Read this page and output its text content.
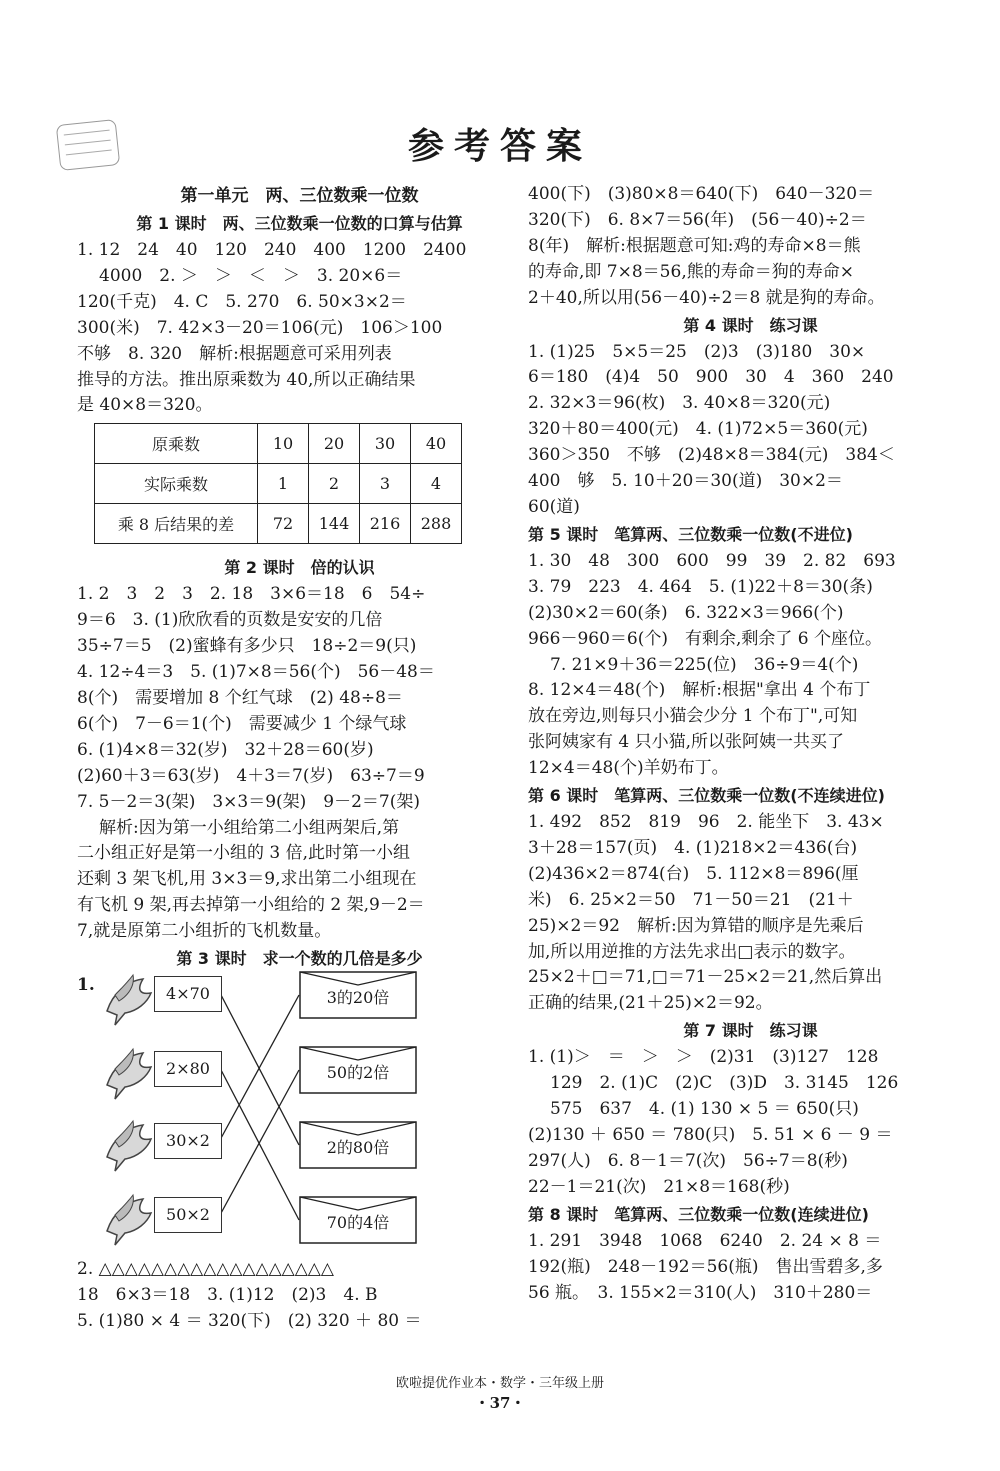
参考答案
第一单元　两、三位数乘一位数
第 1 课时　两、三位数乘一位数的口算与估算
1. 12　24　40　120　240　400　1200　2400
4000　2. ＞　＞　＜　＞　3. 20×6＝
120(千克)　4. C　5. 270　6. 50×3×2＝
300(米)　7. 42×3－20＝106(元)　106＞100
不够　8. 320　解析:根据题意可采用列表
推导的方法。推出原乘数为 40,所以正确结果
是 40×8＝320。
原乘数	10	20	30	40
实际乘数	1	2	3	4
乘 8 后结果的差	72	144	216	288
第 2 课时　倍的认识
1. 2　3　2　3　2. 18　3×6＝18　6　54÷
9＝6　3. (1)欣欣看的页数是安安的几倍
35÷7＝5　(2)蜜蜂有多少只　18÷2＝9(只)
4. 12÷4＝3　5. (1)7×8＝56(个)　56－48＝
8(个)　需要增加 8 个红气球　(2) 48÷8＝
6(个)　7－6＝1(个)　需要减少 1 个绿气球
6. (1)4×8＝32(岁)　32＋28＝60(岁)
(2)60＋3＝63(岁)　4＋3＝7(岁)　63÷7＝9
7. 5－2＝3(架)　3×3＝9(架)　9－2＝7(架)
解析:因为第一小组给第二小组两架后,第
二小组正好是第一小组的 3 倍,此时第一小组
还剩 3 架飞机,用 3×3＝9,求出第二小组现在
有飞机 9 架,再去掉第一小组给的 2 架,9－2＝
7,就是原第二小组折的飞机数量。
第 3 课时　求一个数的几倍是多少
1.	4×70
2×80
30×2
50×2
3的20倍
50的2倍
2的80倍
70的4倍
2. △△△△△△△△△△△△△△△△△△
18　6×3＝18　3. (1)12　(2)3　4. B
5. (1)80 × 4 ＝ 320(下)　(2) 320 ＋ 80 ＝
400(下)　(3)80×8＝640(下)　640－320＝
320(下)　6. 8×7＝56(年)　(56－40)÷2＝
8(年)　解析:根据题意可知:鸡的寿命×8＝熊
的寿命,即 7×8＝56,熊的寿命＝狗的寿命×
2＋40,所以用(56－40)÷2＝8 就是狗的寿命。
第 4 课时　练习课
1. (1)25　5×5＝25　(2)3　(3)180　30×
6＝180　(4)4　50　900　30　4　360　240
2. 32×3＝96(枚)　3. 40×8＝320(元)
320＋80＝400(元)　4. (1)72×5＝360(元)
360＞350　不够　(2)48×8＝384(元)　384＜
400　够　5. 10＋20＝30(道)　30×2＝
60(道)
第 5 课时　笔算两、三位数乘一位数(不进位)
1. 30　48　300　600　99　39　2. 82　693
3. 79　223　4. 464　5. (1)22＋8＝30(条)
(2)30×2＝60(条)　6. 322×3＝966(个)
966－960＝6(个)　有剩余,剩余了 6 个座位。
7. 21×9＋36＝225(位)　36÷9＝4(个)
8. 12×4＝48(个)　解析:根据"拿出 4 个布丁
放在旁边,则每只小猫会少分 1 个布丁",可知
张阿姨家有 4 只小猫,所以张阿姨一共买了
12×4＝48(个)羊奶布丁。
第 6 课时　笔算两、三位数乘一位数(不连续进位)
1. 492　852　819　96　2. 能坐下　3. 43×
3＋28＝157(页)　4. (1)218×2＝436(台)
(2)436×2＝874(台)　5. 112×8＝896(厘
米)　6. 25×2＝50　71－50＝21　(21＋
25)×2＝92　解析:因为算错的顺序是先乘后
加,所以用逆推的方法先求出□表示的数字。
25×2＋□＝71,□＝71－25×2＝21,然后算出
正确的结果,(21＋25)×2＝92。
第 7 课时　练习课
1. (1)＞　＝　＞　＞　(2)31　(3)127　128
129　2. (1)C　(2)C　(3)D　3. 3145　126
575　637　4. (1) 130 × 5 ＝ 650(只)
(2)130 ＋ 650 ＝ 780(只)　5. 51 × 6 － 9 ＝
297(人)　6. 8－1＝7(次)　56÷7＝8(秒)
22－1＝21(次)　21×8＝168(秒)
第 8 课时　笔算两、三位数乘一位数(连续进位)
1. 291　3948　1068　6240　2. 24 × 8 ＝
192(瓶)　248－192＝56(瓶)　售出雪碧多,多
56 瓶。　3. 155×2＝310(人)　310＋280＝
欧啦提优作业本・数学・三年级上册
・37・
